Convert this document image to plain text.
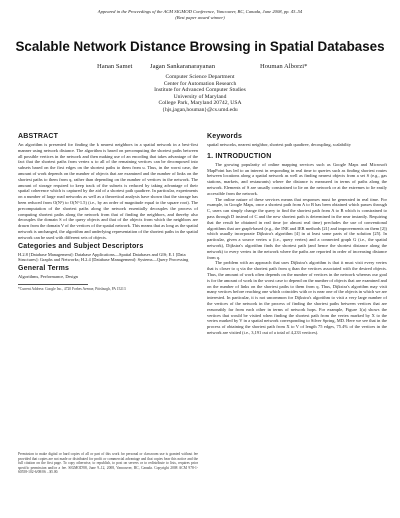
Appeared in the Proceedings of the ACM SIGMOD Conference, Vancouver, BC, Canada, June 2008, pp. 43–54
(Best paper award winner)
Scalable Network Distance Browsing in Spatial Databases
Hanan Samet	Jagan Sankaranarayanan	Houman Alborzi*
Computer Science Department
Center for Automation Research
Institute for Advanced Computer Studies
University of Maryland
College Park, Maryland 20742, USA
{hjs,jagan,houman}@cs.umd.edu
ABSTRACT

An algorithm is presented for finding the k nearest neighbors in a spatial network in a best-first manner using network distance. The algorithm is based on precomputing the shortest paths between all possible vertices in the network and then making use of an encoding that takes advantage of the fact that the shortest paths from vertex u to all of the remaining vertices can be decomposed into subsets based on the first edges on the shortest paths to them from u. Thus, in the worst case, the amount of work depends on the number of objects that are examined and the number of links on the shortest paths to them from q, rather than depending on the number of vertices in the network. The amount of storage required to keep track of the subsets is reduced by taking advantage of their spatial coherence which is captured by the aid of a shortest path quadtree. In particular, experiments on a number of large road networks as well as a theoretical analysis have shown that the storage has been reduced from O(N³) to O(N^1.5) (i.e., by an order of magnitude equal to the square root). The precomputation of the shortest paths along the network essentially decouples the process of computing shortest paths along the network from that of finding the neighbors, and thereby also decouples the domain S of the query objects and that of the objects from which the neighbors are drawn from the domain V of the vertices of the spatial network. This means that as long as the spatial network is unchanged, the algorithm and underlying representation of the shortest paths in the spatial network can be used with different sets of objects.

Categories and Subject Descriptors

H.2.8 [Database Management]: Database Applications—Spatial Databases and GIS; E.1 [Data Structures]: Graphs and Networks; H.2.4 [Database Management]: Systems—Query Processing

General Terms

Algorithms, Performance, Design

*Current Address: Google Inc., 4720 Forbes Avenue, Pittsburgh, PA 15213

Permission to make digital or hard copies of all or part of this work for personal or classroom use is granted without fee provided that copies are not made or distributed for profit or commercial advantage and that copies bear this notice and the full citation on the first page. To copy otherwise, to republish, to post on servers or to redistribute to lists, requires prior specific permission and/or a fee. SIGMOD'08, June 9–12, 2008, Vancouver, BC, Canada. Copyright 2008 ACM 978-1-60558-102-6/08/06 ...$5.00.

Keywords

spatial networks, nearest neighbor, shortest path quadtree, decoupling, scalability

1. INTRODUCTION

The growing popularity of online mapping services such as Google Maps and Microsoft MapPoint has led to an interest in responding in real time to queries such as finding shortest routes between locations along a spatial network as well as finding nearest objects from a set S (e.g., gas stations, markets, and restaurants) where the distance is measured in terms of paths along the network. Elements of S are usually constrained to lie on the network or at the extremes to lie easily accessible from the network.

The online nature of these services means that responses must be generated in real time. For example, in Google Maps, once a shortest path from A to B has been obtained which passes through C, users can simply change the query to find the shortest path from A to B which is constrained to pass through D instead of C and the new shortest path is determined in the near instantly. Requiring that the result be obtained in real time (or almost real time) precludes the use of conventional algorithms that are graph-based (e.g., the INE and IER methods [21] and improvements on them [2]) which usually incorporate Dijkstra's algorithm [4] in at least some parts of the solution [25]. In particular, given a source vertex u (i.e., query vertex) and a connected graph G (i.e., the spatial network), Dijkstra's algorithm finds the shortest path (and hence the shortest distance along the network) to every vertex in the network where the paths are reported in order of increasing distance from q.

The problem with an approach that uses Dijkstra's algorithm is that it must visit every vertex that is closer to q via the shortest path from q than the vertices associated with the desired objects. Thus, the amount of work often depends on the number of vertices in the network whereas our goal is for the amount of work in the worst case to depend on the number of objects that are examined and on the number of links on the shortest paths to them from q. Thus, Dijkstra's algorithm may visit many vertices before reaching one which coincides with or is near one of the objects in which we are interested. In particular, it is not uncommon for Dijkstra's algorithm to visit a very large number of the vertices of the network in the process of finding the shortest paths between vertices that are reasonably far from each other in terms of network hops. For example, Figure 1(a) shows the vertices that would be visited when finding the shortest path from the vertex marked by X to the vertex marked by V in a spatial network corresponding to Silver Spring, MD. Here we see that in the process of obtaining the shortest path from X to V of length 75 edges, 75.4% of the vertices in the network are visited (i.e., 3,191 out of a total of 4,233 vertices).
